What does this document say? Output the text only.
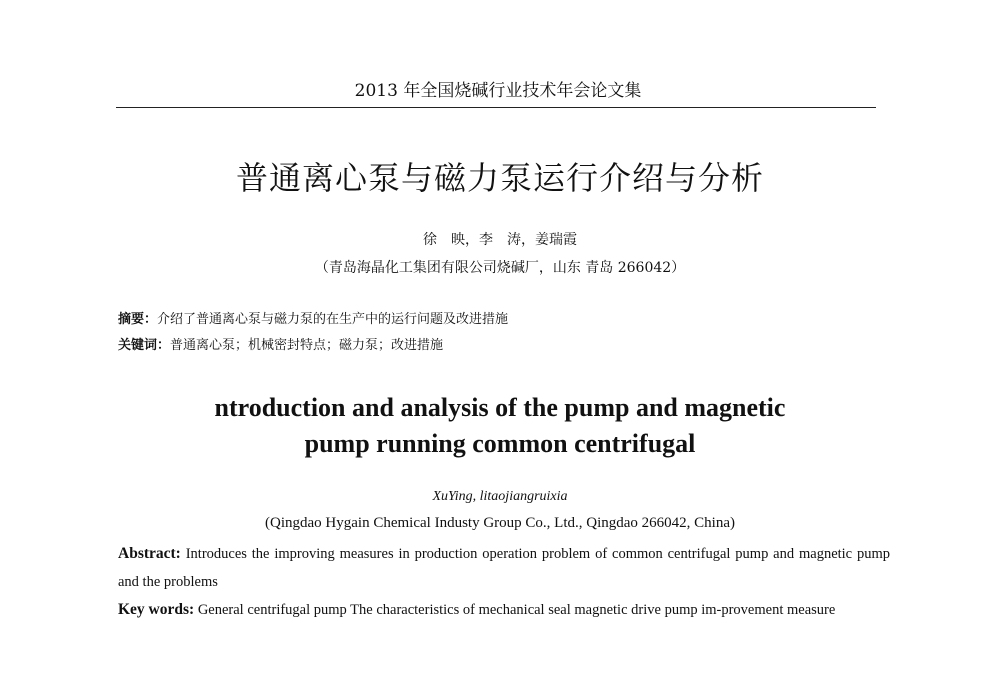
2013 年全国烧碱行业技术年会论文集
普通离心泵与磁力泵运行介绍与分析
徐　映，李　涛，姜瑞霞
（青岛海晶化工集团有限公司烧碱厂，山东 青岛 266042）
摘要：介绍了普通离心泵与磁力泵的在生产中的运行问题及改进措施
关键词：普通离心泵；机械密封特点；磁力泵；改进措施
ntroduction and analysis of the pump and magnetic
pump running common centrifugal
XuYing, litaojiangruixia
(Qingdao Hygain Chemical Industy Group Co., Ltd., Qingdao 266042, China)
Abstract: Introduces the improving measures in production operation problem of common centrifugal pump and magnetic pump and the problems
Key words: General centrifugal pump The characteristics of mechanical seal magnetic drive pump im-provement measure
